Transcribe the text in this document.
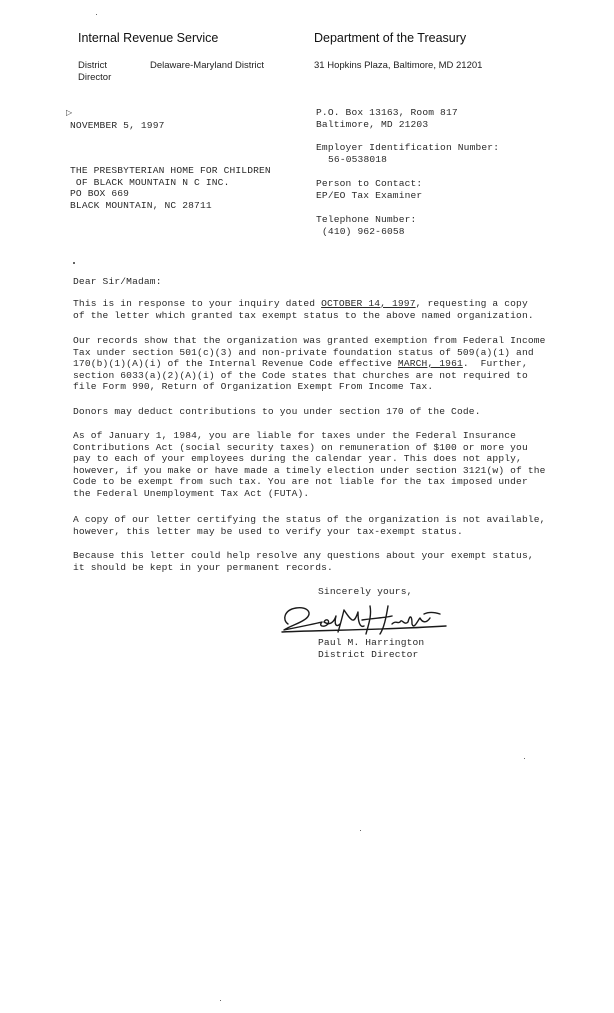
Internal Revenue Service	Department of the Treasury
District
Director
Delaware-Maryland District	31 Hopkins Plaza, Baltimore, MD 21201
▷
NOVEMBER 5, 1997
P.O. Box 13163, Room 817
Baltimore, MD 21203
Employer Identification Number:
56-0538018
Person to Contact:
EP/EO Tax Examiner
Telephone Number:
(410) 962-6058
THE PRESBYTERIAN HOME FOR CHILDREN
OF BLACK MOUNTAIN N C INC.
PO BOX 669
BLACK MOUNTAIN, NC 28711
Dear Sir/Madam:
This is in response to your inquiry dated OCTOBER 14, 1997, requesting a copy
of the letter which granted tax exempt status to the above named organization.
Our records show that the organization was granted exemption from Federal Income
Tax under section 501(c)(3) and non-private foundation status of 509(a)(1) and
170(b)(1)(A)(i) of the Internal Revenue Code effective MARCH, 1961.  Further,
section 6033(a)(2)(A)(i) of the Code states that churches are not required to
file Form 990, Return of Organization Exempt From Income Tax.
Donors may deduct contributions to you under section 170 of the Code.
As of January 1, 1984, you are liable for taxes under the Federal Insurance
Contributions Act (social security taxes) on remuneration of $100 or more you
pay to each of your employees during the calendar year. This does not apply,
however, if you make or have made a timely election under section 3121(w) of the
Code to be exempt from such tax. You are not liable for the tax imposed under
the Federal Unemployment Tax Act (FUTA).
A copy of our letter certifying the status of the organization is not available,
however, this letter may be used to verify your tax-exempt status.
Because this letter could help resolve any questions about your exempt status,
it should be kept in your permanent records.
Sincerely yours,
Paul M. Harrington
District Director
